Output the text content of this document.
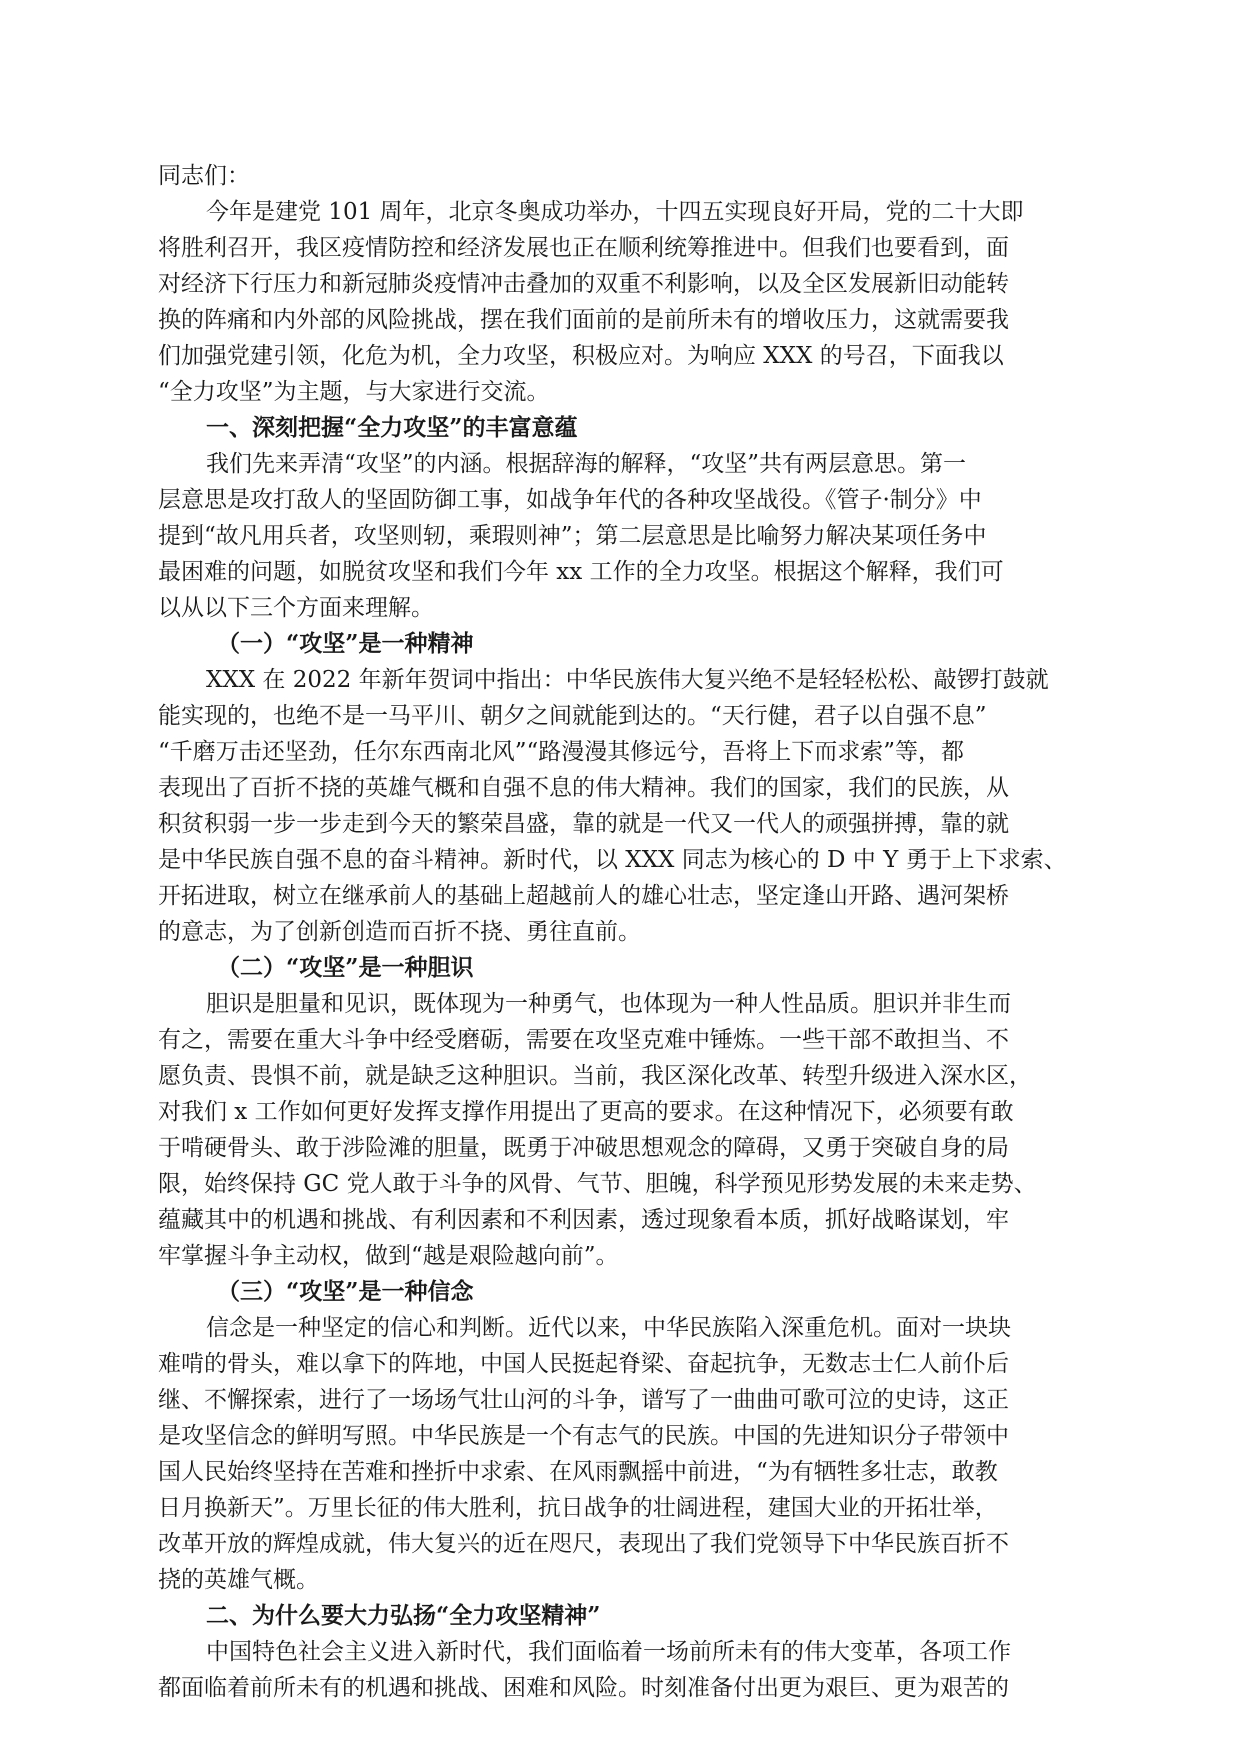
同志们：

今年是建党 101 周年，北京冬奥成功举办，十四五实现良好开局，党的二十大即

将胜利召开，我区疫情防控和经济发展也正在顺利统筹推进中。但我们也要看到，面

对经济下行压力和新冠肺炎疫情冲击叠加的双重不利影响，以及全区发展新旧动能转

换的阵痛和内外部的风险挑战，摆在我们面前的是前所未有的增收压力，这就需要我

们加强党建引领，化危为机，全力攻坚，积极应对。为响应 XXX 的号召，下面我以

“全力攻坚”为主题，与大家进行交流。

一、深刻把握“全力攻坚”的丰富意蕴

我们先来弄清“攻坚”的内涵。根据辞海的解释，“攻坚”共有两层意思。第一

层意思是攻打敌人的坚固防御工事，如战争年代的各种攻坚战役。《管子·制分》中

提到“故凡用兵者，攻坚则轫，乘瑕则神”；第二层意思是比喻努力解决某项任务中

最困难的问题，如脱贫攻坚和我们今年 xx 工作的全力攻坚。根据这个解释，我们可

以从以下三个方面来理解。

（一）“攻坚”是一种精神

XXX 在 2022 年新年贺词中指出：中华民族伟大复兴绝不是轻轻松松、敲锣打鼓就

能实现的，也绝不是一马平川、朝夕之间就能到达的。“天行健，君子以自强不息”

“千磨万击还坚劲，任尔东西南北风”“路漫漫其修远兮，吾将上下而求索”等，都

表现出了百折不挠的英雄气概和自强不息的伟大精神。我们的国家，我们的民族，从

积贫积弱一步一步走到今天的繁荣昌盛，靠的就是一代又一代人的顽强拼搏，靠的就

是中华民族自强不息的奋斗精神。新时代，以 XXX 同志为核心的 D 中 Y 勇于上下求索、

开拓进取，树立在继承前人的基础上超越前人的雄心壮志，坚定逢山开路、遇河架桥

的意志，为了创新创造而百折不挠、勇往直前。

（二）“攻坚”是一种胆识

胆识是胆量和见识，既体现为一种勇气，也体现为一种人性品质。胆识并非生而

有之，需要在重大斗争中经受磨砺，需要在攻坚克难中锤炼。一些干部不敢担当、不

愿负责、畏惧不前，就是缺乏这种胆识。当前，我区深化改革、转型升级进入深水区，

对我们 x 工作如何更好发挥支撑作用提出了更高的要求。在这种情况下，必须要有敢

于啃硬骨头、敢于涉险滩的胆量，既勇于冲破思想观念的障碍，又勇于突破自身的局

限，始终保持 GC 党人敢于斗争的风骨、气节、胆魄，科学预见形势发展的未来走势、

蕴藏其中的机遇和挑战、有利因素和不利因素，透过现象看本质，抓好战略谋划，牢

牢掌握斗争主动权，做到“越是艰险越向前”。

（三）“攻坚”是一种信念

信念是一种坚定的信心和判断。近代以来，中华民族陷入深重危机。面对一块块

难啃的骨头，难以拿下的阵地，中国人民挺起脊梁、奋起抗争，无数志士仁人前仆后

继、不懈探索，进行了一场场气壮山河的斗争，谱写了一曲曲可歌可泣的史诗，这正

是攻坚信念的鲜明写照。中华民族是一个有志气的民族。中国的先进知识分子带领中

国人民始终坚持在苦难和挫折中求索、在风雨飘摇中前进，“为有牺牲多壮志，敢教

日月换新天”。万里长征的伟大胜利，抗日战争的壮阔进程，建国大业的开拓壮举，

改革开放的辉煌成就，伟大复兴的近在咫尺，表现出了我们党领导下中华民族百折不

挠的英雄气概。

二、为什么要大力弘扬“全力攻坚精神”

中国特色社会主义进入新时代，我们面临着一场前所未有的伟大变革，各项工作

都面临着前所未有的机遇和挑战、困难和风险。时刻准备付出更为艰巨、更为艰苦的
